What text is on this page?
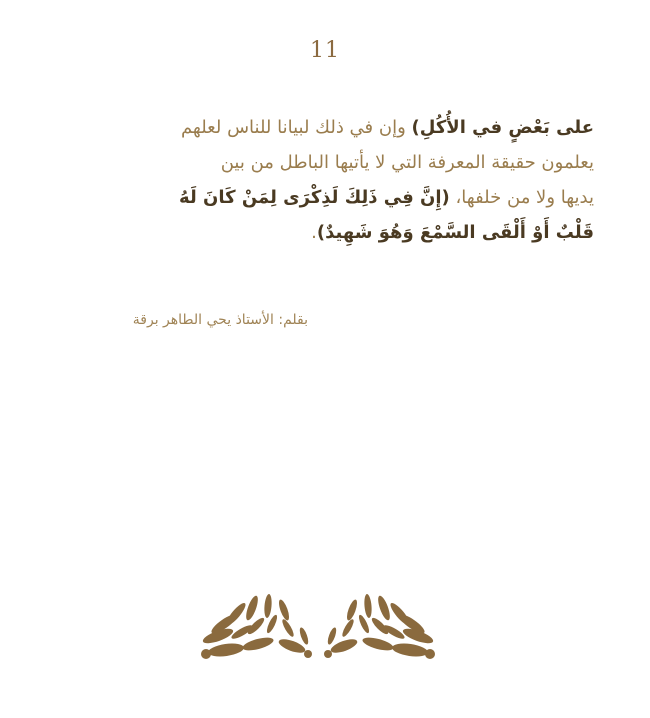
11
على بَعْضٍ في الأُكُلِ) وإن في ذلك لبيانا للناس لعلهم
يعلمون حقيقة المعرفة التي لا يأتيها الباطل من بين
يديها ولا من خلفها، (إِنَّ فِي ذَلِكَ لَذِكْرَى لِمَنْ كَانَ لَهُ
قَلْبٌ أَوْ أَلْقَى السَّمْعَ وَهُوَ شَهِيدٌ).
بقلم: الأستاذ يحي الطاهر برقة
